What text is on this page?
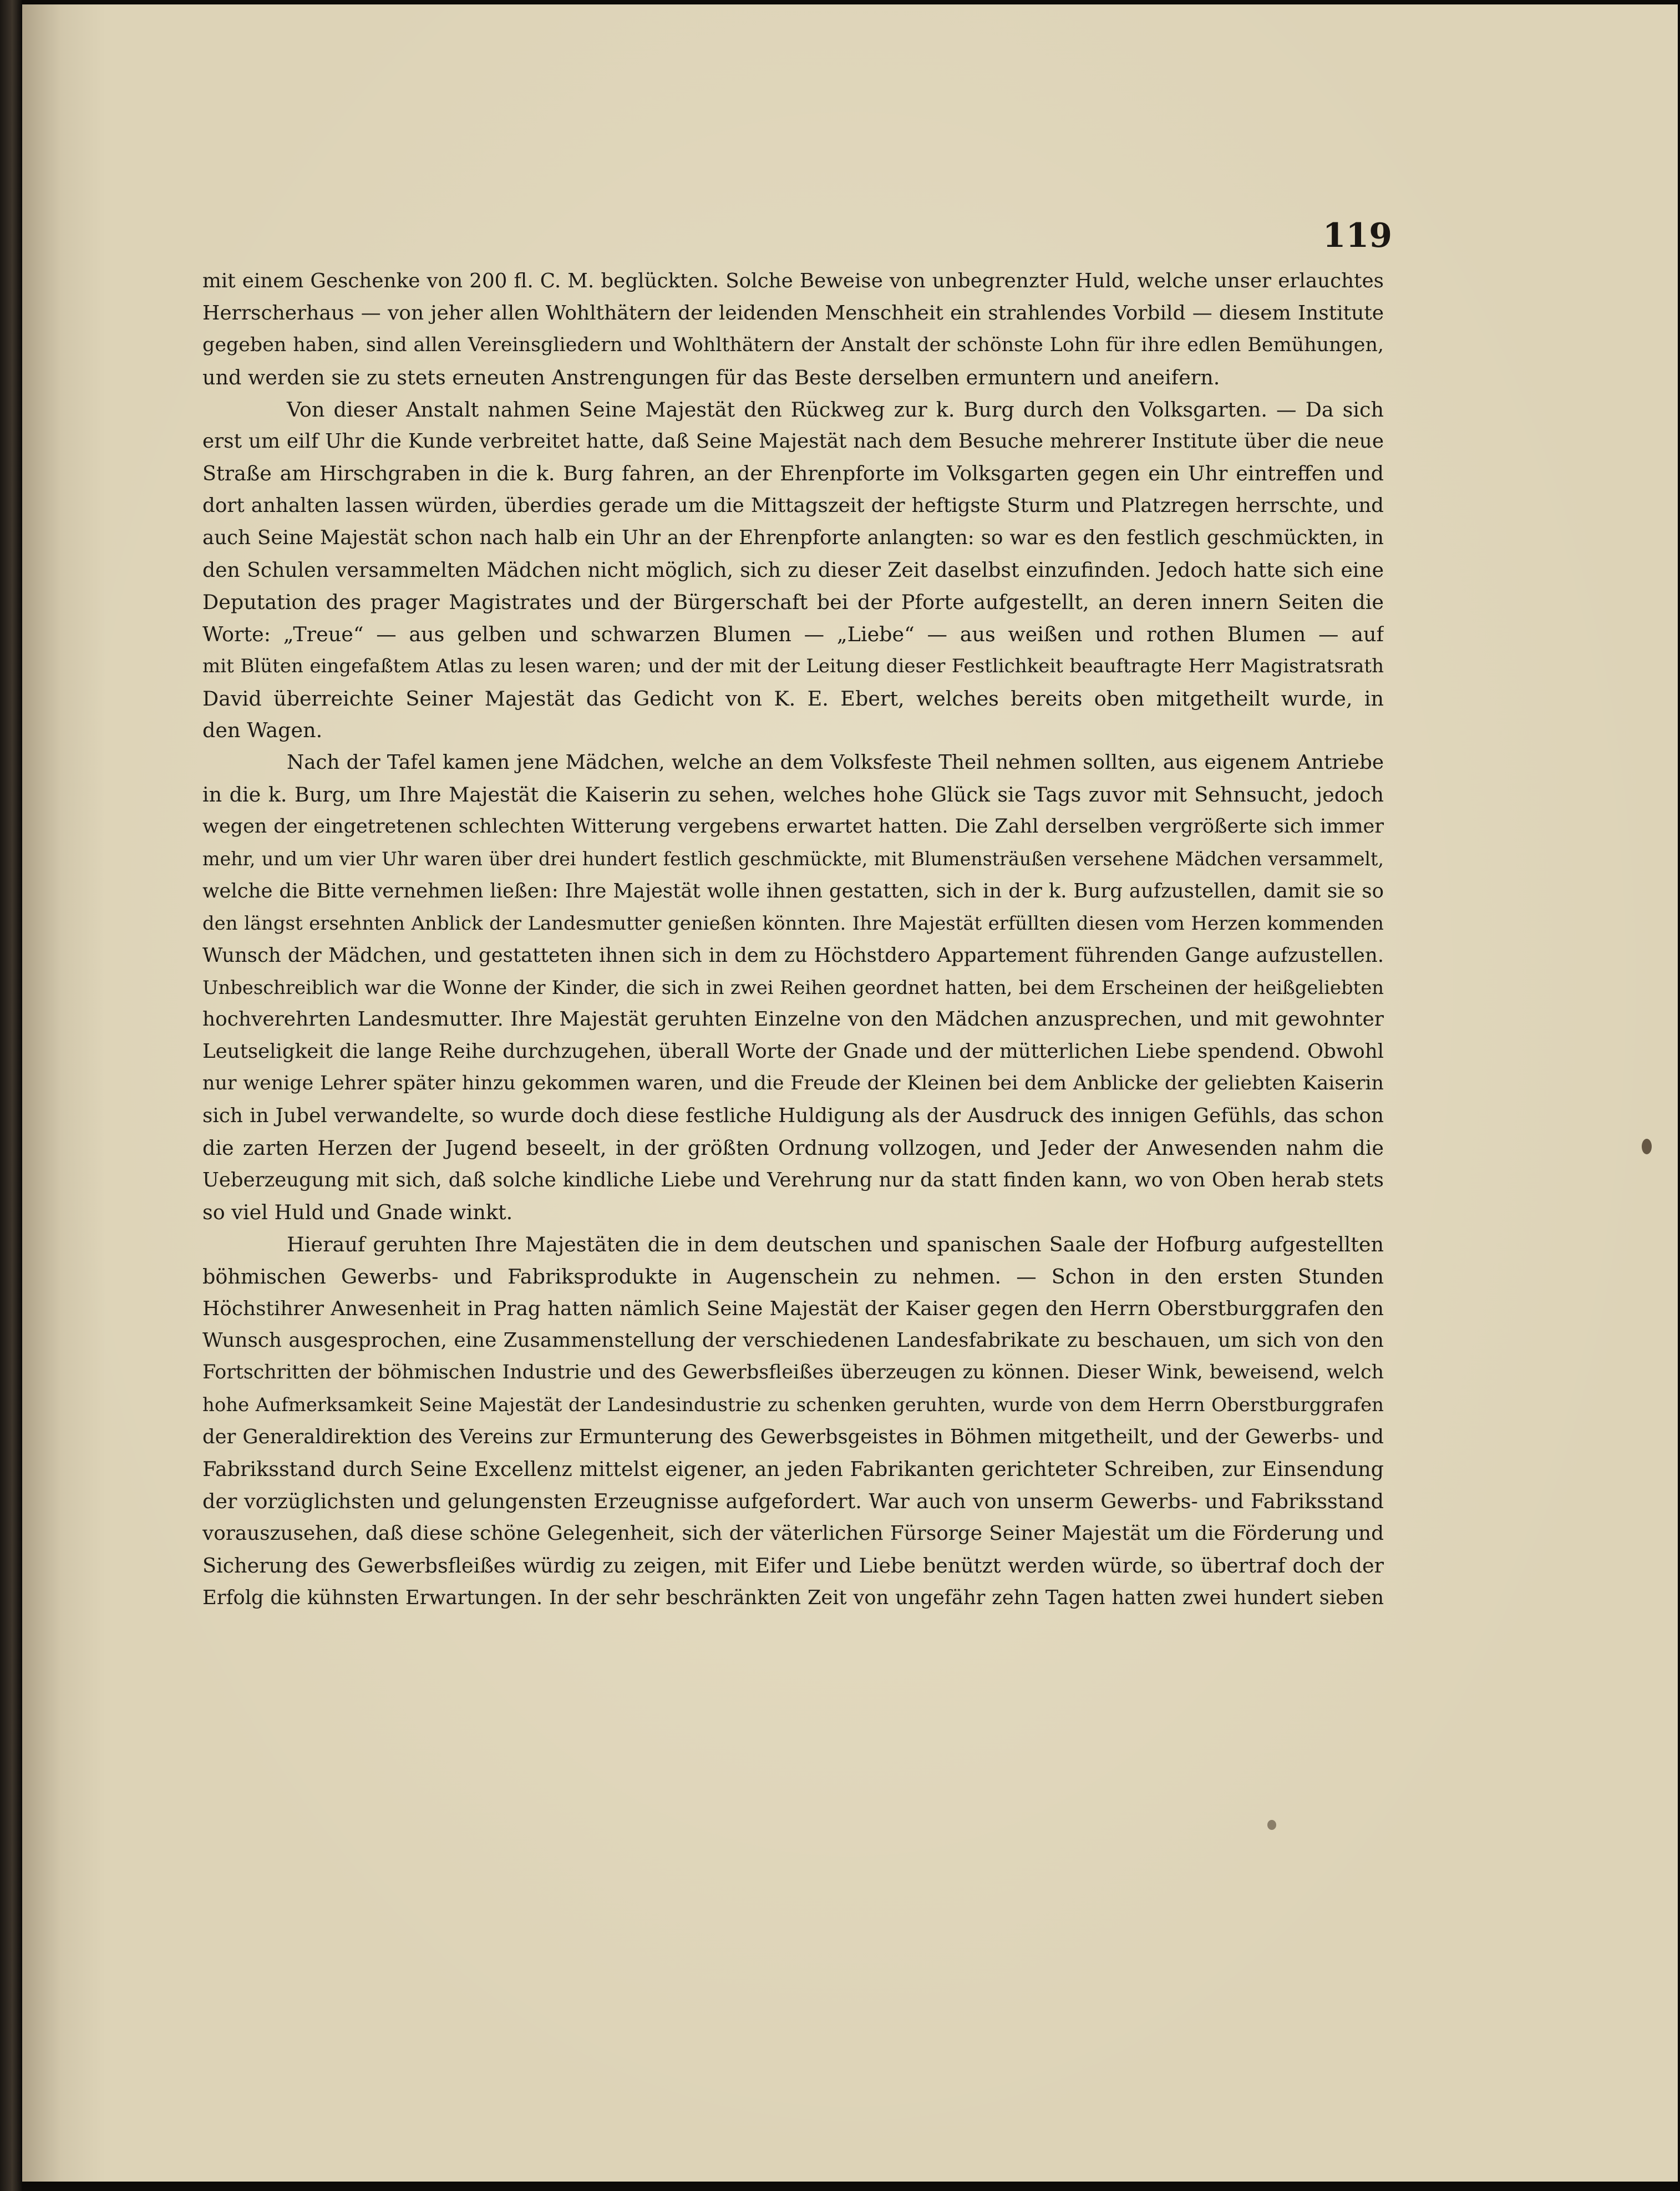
119
mit einem Geschenke von 200 fl. C. M. beglückten. Solche Beweise von unbegrenzter Huld, welche unser erlauchtes
Herrscherhaus — von jeher allen Wohlthätern der leidenden Menschheit ein strahlendes Vorbild — diesem Institute
gegeben haben, sind allen Vereinsgliedern und Wohlthätern der Anstalt der schönste Lohn für ihre edlen Bemühungen,
und werden sie zu stets erneuten Anstrengungen für das Beste derselben ermuntern und aneifern.
Von dieser Anstalt nahmen Seine Majestät den Rückweg zur k. Burg durch den Volksgarten. — Da sich
erst um eilf Uhr die Kunde verbreitet hatte, daß Seine Majestät nach dem Besuche mehrerer Institute über die neue
Straße am Hirschgraben in die k. Burg fahren, an der Ehrenpforte im Volksgarten gegen ein Uhr eintreffen und
dort anhalten lassen würden, überdies gerade um die Mittagszeit der heftigste Sturm und Platzregen herrschte, und
auch Seine Majestät schon nach halb ein Uhr an der Ehrenpforte anlangten: so war es den festlich geschmückten, in
den Schulen versammelten Mädchen nicht möglich, sich zu dieser Zeit daselbst einzufinden. Jedoch hatte sich eine
Deputation des prager Magistrates und der Bürgerschaft bei der Pforte aufgestellt, an deren innern Seiten die
Worte: „Treue“ — aus gelben und schwarzen Blumen — „Liebe“ — aus weißen und rothen Blumen — auf
mit Blüten eingefaßtem Atlas zu lesen waren; und der mit der Leitung dieser Festlichkeit beauftragte Herr Magistratsrath
David überreichte Seiner Majestät das Gedicht von K. E. Ebert, welches bereits oben mitgetheilt wurde, in
den Wagen.
Nach der Tafel kamen jene Mädchen, welche an dem Volksfeste Theil nehmen sollten, aus eigenem Antriebe
in die k. Burg, um Ihre Majestät die Kaiserin zu sehen, welches hohe Glück sie Tags zuvor mit Sehnsucht, jedoch
wegen der eingetretenen schlechten Witterung vergebens erwartet hatten. Die Zahl derselben vergrößerte sich immer
mehr, und um vier Uhr waren über drei hundert festlich geschmückte, mit Blumensträußen versehene Mädchen versammelt,
welche die Bitte vernehmen ließen: Ihre Majestät wolle ihnen gestatten, sich in der k. Burg aufzustellen, damit sie so
den längst ersehnten Anblick der Landesmutter genießen könnten. Ihre Majestät erfüllten diesen vom Herzen kommenden
Wunsch der Mädchen, und gestatteten ihnen sich in dem zu Höchstdero Appartement führenden Gange aufzustellen.
Unbeschreiblich war die Wonne der Kinder, die sich in zwei Reihen geordnet hatten, bei dem Erscheinen der heißgeliebten
hochverehrten Landesmutter. Ihre Majestät geruhten Einzelne von den Mädchen anzusprechen, und mit gewohnter
Leutseligkeit die lange Reihe durchzugehen, überall Worte der Gnade und der mütterlichen Liebe spendend. Obwohl
nur wenige Lehrer später hinzu gekommen waren, und die Freude der Kleinen bei dem Anblicke der geliebten Kaiserin
sich in Jubel verwandelte, so wurde doch diese festliche Huldigung als der Ausdruck des innigen Gefühls, das schon
die zarten Herzen der Jugend beseelt, in der größten Ordnung vollzogen, und Jeder der Anwesenden nahm die
Ueberzeugung mit sich, daß solche kindliche Liebe und Verehrung nur da statt finden kann, wo von Oben herab stets
so viel Huld und Gnade winkt.
Hierauf geruhten Ihre Majestäten die in dem deutschen und spanischen Saale der Hofburg aufgestellten
böhmischen Gewerbs- und Fabriksprodukte in Augenschein zu nehmen. — Schon in den ersten Stunden
Höchstihrer Anwesenheit in Prag hatten nämlich Seine Majestät der Kaiser gegen den Herrn Oberstburggrafen den
Wunsch ausgesprochen, eine Zusammenstellung der verschiedenen Landesfabrikate zu beschauen, um sich von den
Fortschritten der böhmischen Industrie und des Gewerbsfleißes überzeugen zu können. Dieser Wink, beweisend, welch
hohe Aufmerksamkeit Seine Majestät der Landesindustrie zu schenken geruhten, wurde von dem Herrn Oberstburggrafen
der Generaldirektion des Vereins zur Ermunterung des Gewerbsgeistes in Böhmen mitgetheilt, und der Gewerbs- und
Fabriksstand durch Seine Excellenz mittelst eigener, an jeden Fabrikanten gerichteter Schreiben, zur Einsendung
der vorzüglichsten und gelungensten Erzeugnisse aufgefordert. War auch von unserm Gewerbs- und Fabriksstand
vorauszusehen, daß diese schöne Gelegenheit, sich der väterlichen Fürsorge Seiner Majestät um die Förderung und
Sicherung des Gewerbsfleißes würdig zu zeigen, mit Eifer und Liebe benützt werden würde, so übertraf doch der
Erfolg die kühnsten Erwartungen. In der sehr beschränkten Zeit von ungefähr zehn Tagen hatten zwei hundert sieben
